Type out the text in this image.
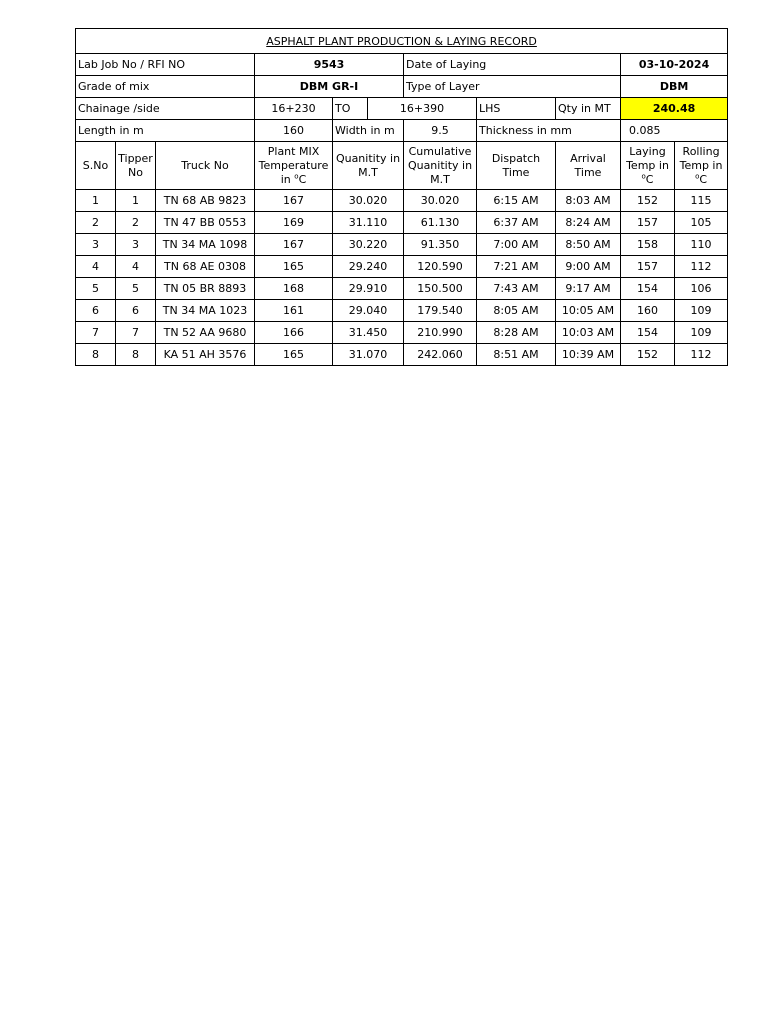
ASPHALT PLANT PRODUCTION & LAYING RECORD										
Lab Job No / RFI NO			9543			Date of Laying			03-10-2024	
Grade of mix			DBM GR-I			Type of Layer			DBM	
Chainage /side			16+230	TO	16+390		LHS	Qty in MT	240.48	
Length in m			160	Width in m		9.5	Thickness in mm		0.085	
S.No	Tipper No	Truck No	Plant MIX Temperature in $^o$C	Quanitity in M.T		Cumulative Quanitity in M.T	Dispatch Time	Arrival Time	Laying Temp in $^o$C	Rolling Temp in $^o$C
1	1	TN 68 AB 9823	167	30.020		30.020	6:15 AM	8:03 AM	152	115
2	2	TN 47 BB 0553	169	31.110		61.130	6:37 AM	8:24 AM	157	105
3	3	TN 34 MA 1098	167	30.220		91.350	7:00 AM	8:50 AM	158	110
4	4	TN 68 AE 0308	165	29.240		120.590	7:21 AM	9:00 AM	157	112
5	5	TN 05 BR 8893	168	29.910		150.500	7:43 AM	9:17 AM	154	106
6	6	TN 34 MA 1023	161	29.040		179.540	8:05 AM	10:05 AM	160	109
7	7	TN 52 AA 9680	166	31.450		210.990	8:28 AM	10:03 AM	154	109
8	8	KA 51 AH 3576	165	31.070		242.060	8:51 AM	10:39 AM	152	112
